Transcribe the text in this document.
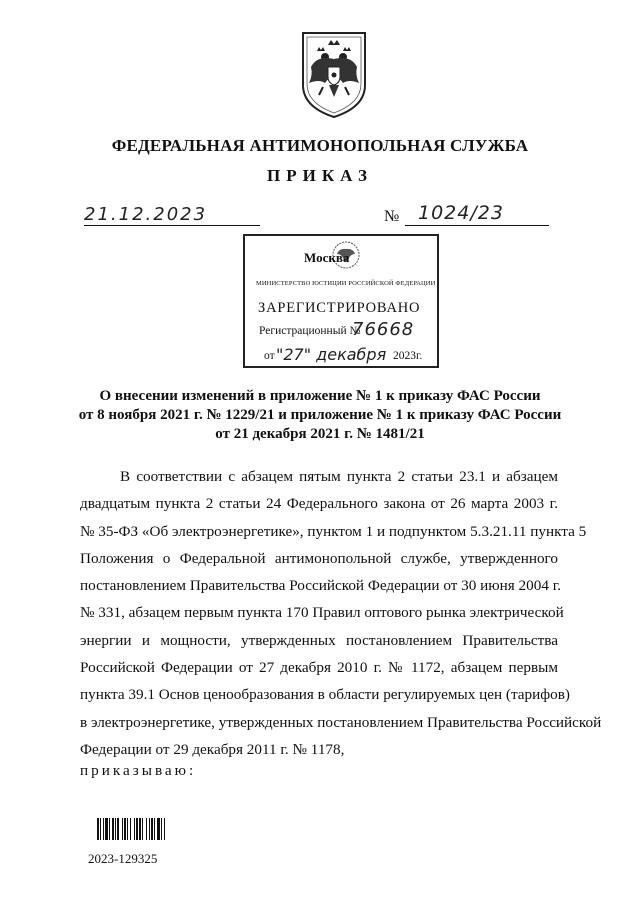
ФЕДЕРАЛЬНАЯ АНТИМОНОПОЛЬНАЯ СЛУЖБА
ПРИКАЗ
21.12.2023	№ 1024/23
Москва
МИНИСТЕРСТВО ЮСТИЦИИ РОССИЙСКОЙ ФЕДЕРАЦИИ
ЗАРЕГИСТРИРОВАНО
Регистрационный №
76668
от "27" декабря 2023г.
О внесении изменений в приложение № 1 к приказу ФАС России
от 8 ноября 2021 г. № 1229/21 и приложение № 1 к приказу ФАС России
от 21 декабря 2021 г. № 1481/21
В соответствии с абзацем пятым пункта 2 статьи 23.1 и абзацем
двадцатым пункта 2 статьи 24 Федерального закона от 26 марта 2003 г.
№ 35-ФЗ «Об электроэнергетике», пунктом 1 и подпунктом 5.3.21.11 пункта 5
Положения о Федеральной антимонопольной службе, утвержденного
постановлением Правительства Российской Федерации от 30 июня 2004 г.
№ 331, абзацем первым пункта 170 Правил оптового рынка электрической
энергии и мощности, утвержденных постановлением Правительства
Российской Федерации от 27 декабря 2010 г. № 1172, абзацем первым
пункта 39.1 Основ ценообразования в области регулируемых цен (тарифов)
в электроэнергетике, утвержденных постановлением Правительства Российской
Федерации от 29 декабря 2011 г. № 1178,
приказываю:
2023-129325
